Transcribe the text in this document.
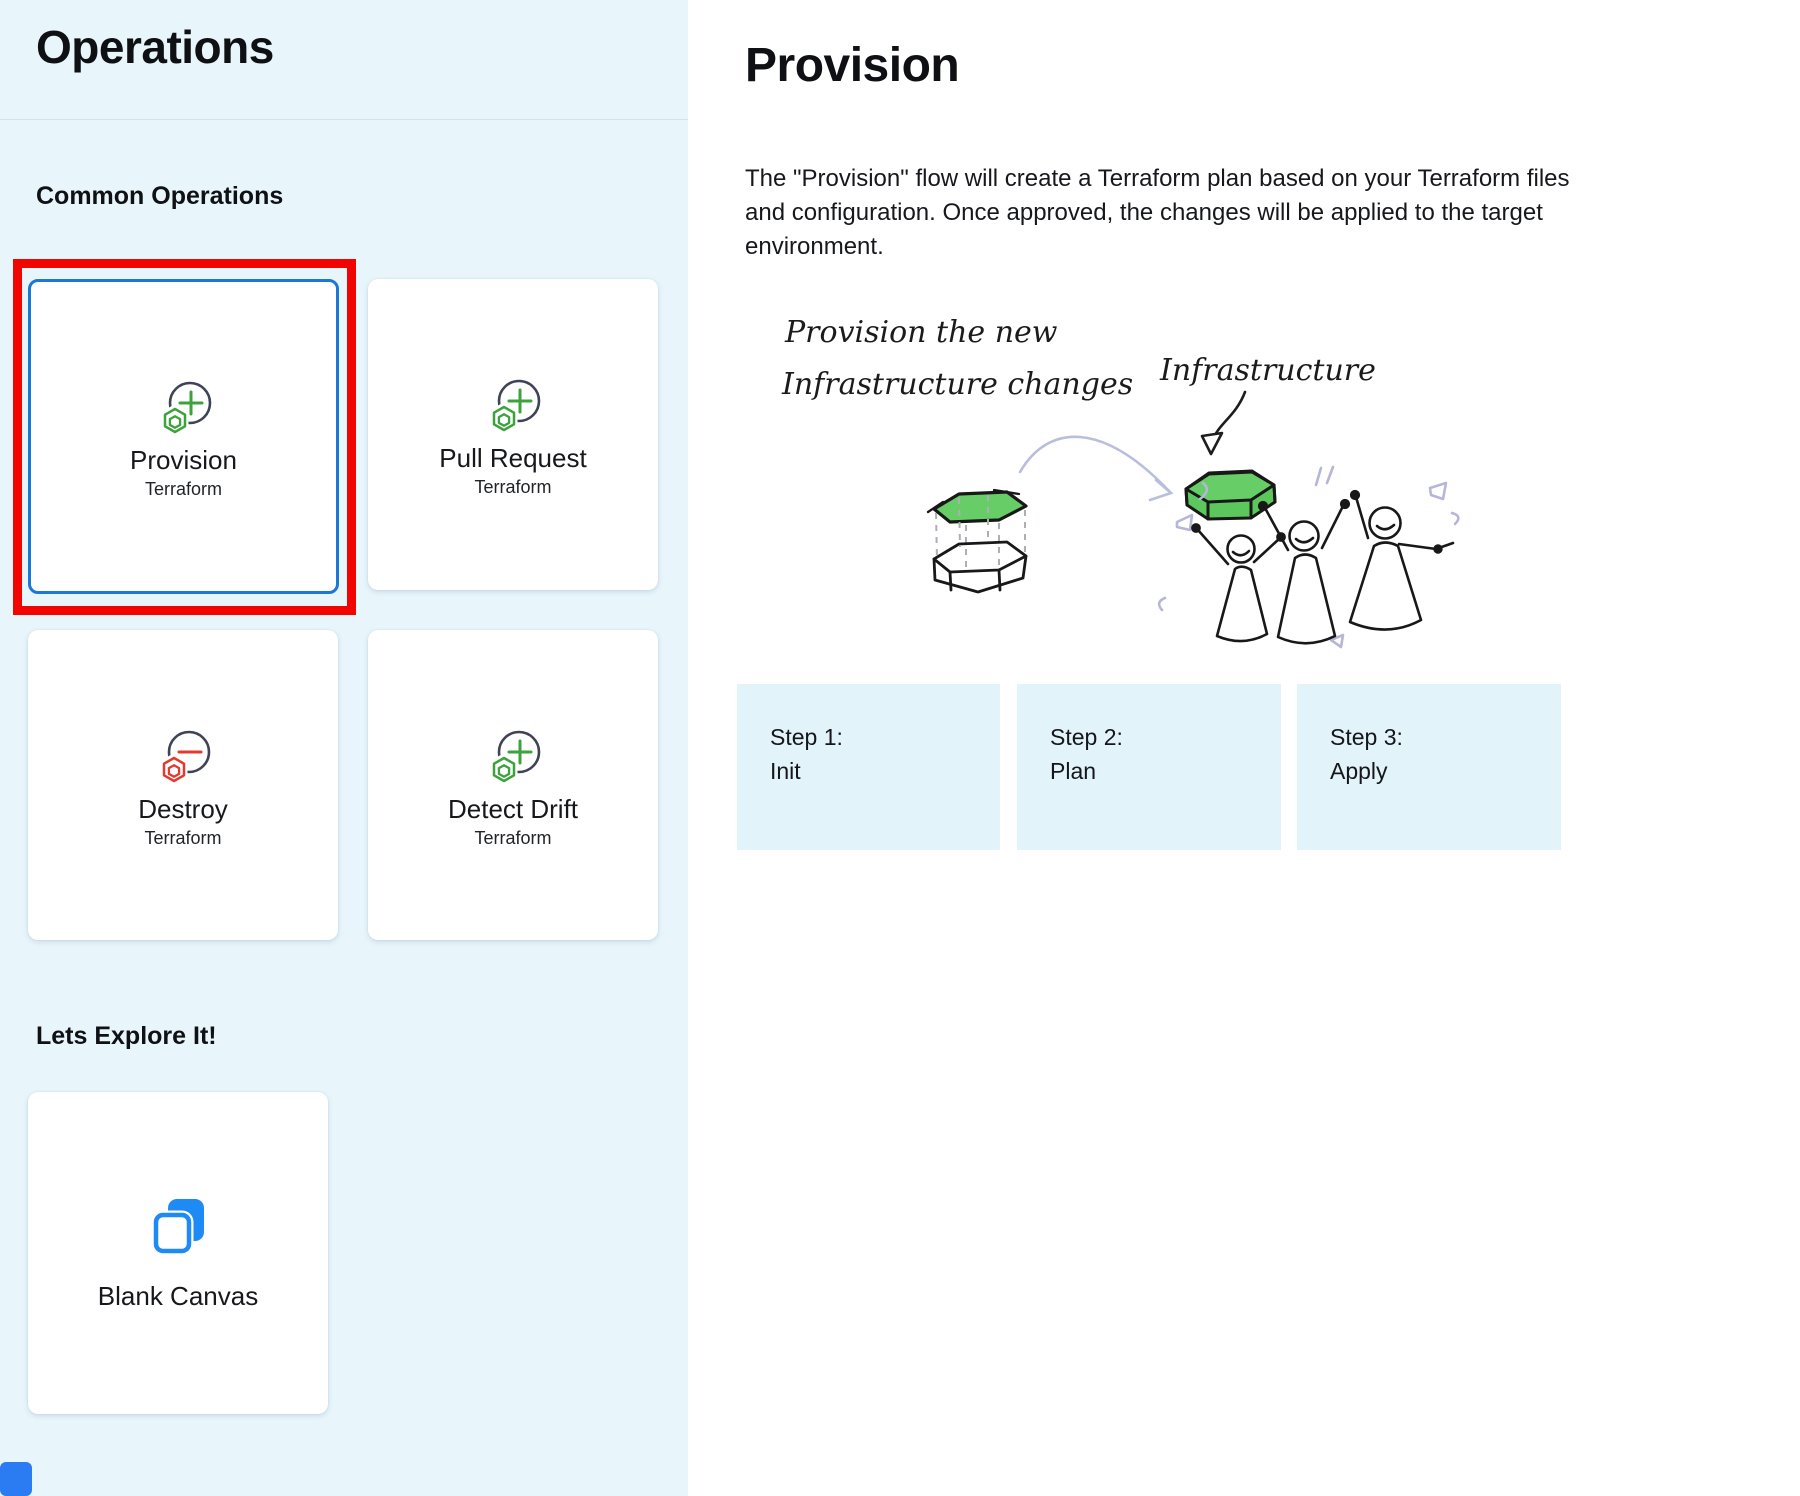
Operations
Common Operations
Provision
Terraform
Pull Request
Terraform
Destroy
Terraform
Detect Drift
Terraform
Lets Explore It!
Blank Canvas
Provision
The "Provision" flow will create a Terraform plan based on your Terraform files
and configuration. Once approved, the changes will be applied to the target
environment.
Provision the new
Infrastructure changes Infrastructure
Step 1:
Init
Step 2:
Plan
Step 3:
Apply
